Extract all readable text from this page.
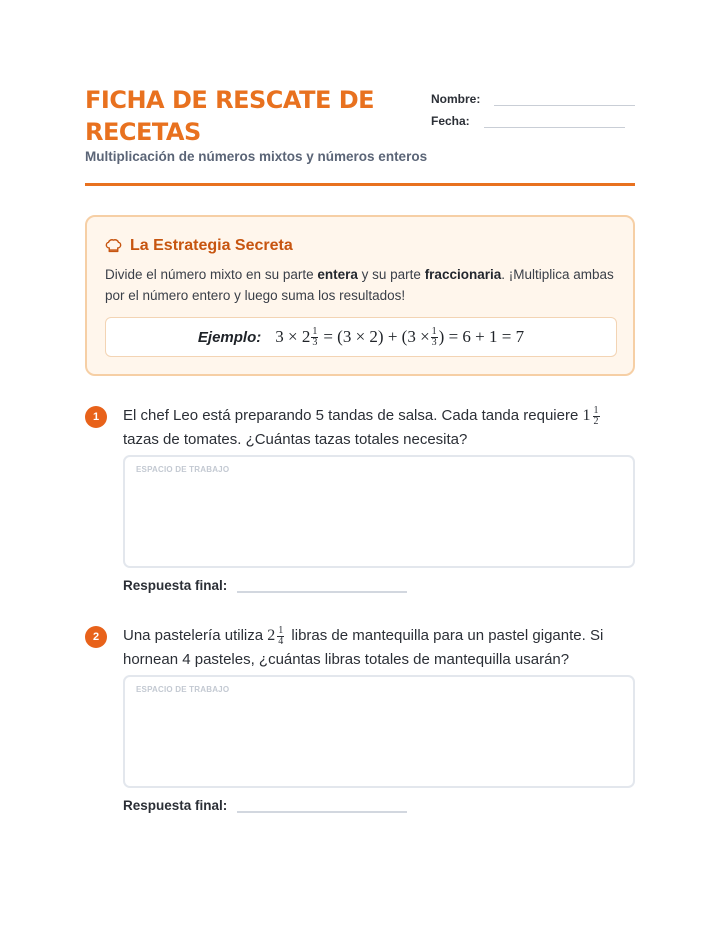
FICHA DE RESCATE DE RECETAS
Nombre:
Fecha:
Multiplicación de números mixtos y números enteros
La Estrategia Secreta
Divide el número mixto en su parte entera y su parte fraccionaria. ¡Multiplica ambas por el número entero y luego suma los resultados!
Ejemplo: $3 \times 2 \frac{1}{3} = (3 \times 2) + (3 \times \frac{1}{3}$ ) = 6 + 1 = 7
1	El chef Leo está preparando 5 tandas de salsa. Cada tanda requiere $1 \frac{1}{2}$
tazas de tomates. ¿Cuántas tazas totales necesita?
ESPACIO DE TRABAJO
Respuesta final:
2	Una pastelería utiliza $2 \frac{1}{4}$ libras de mantequilla para un pastel gigante. Si hornean 4 pasteles, ¿cuántas libras totales de mantequilla usarán?
ESPACIO DE TRABAJO
Respuesta final:
